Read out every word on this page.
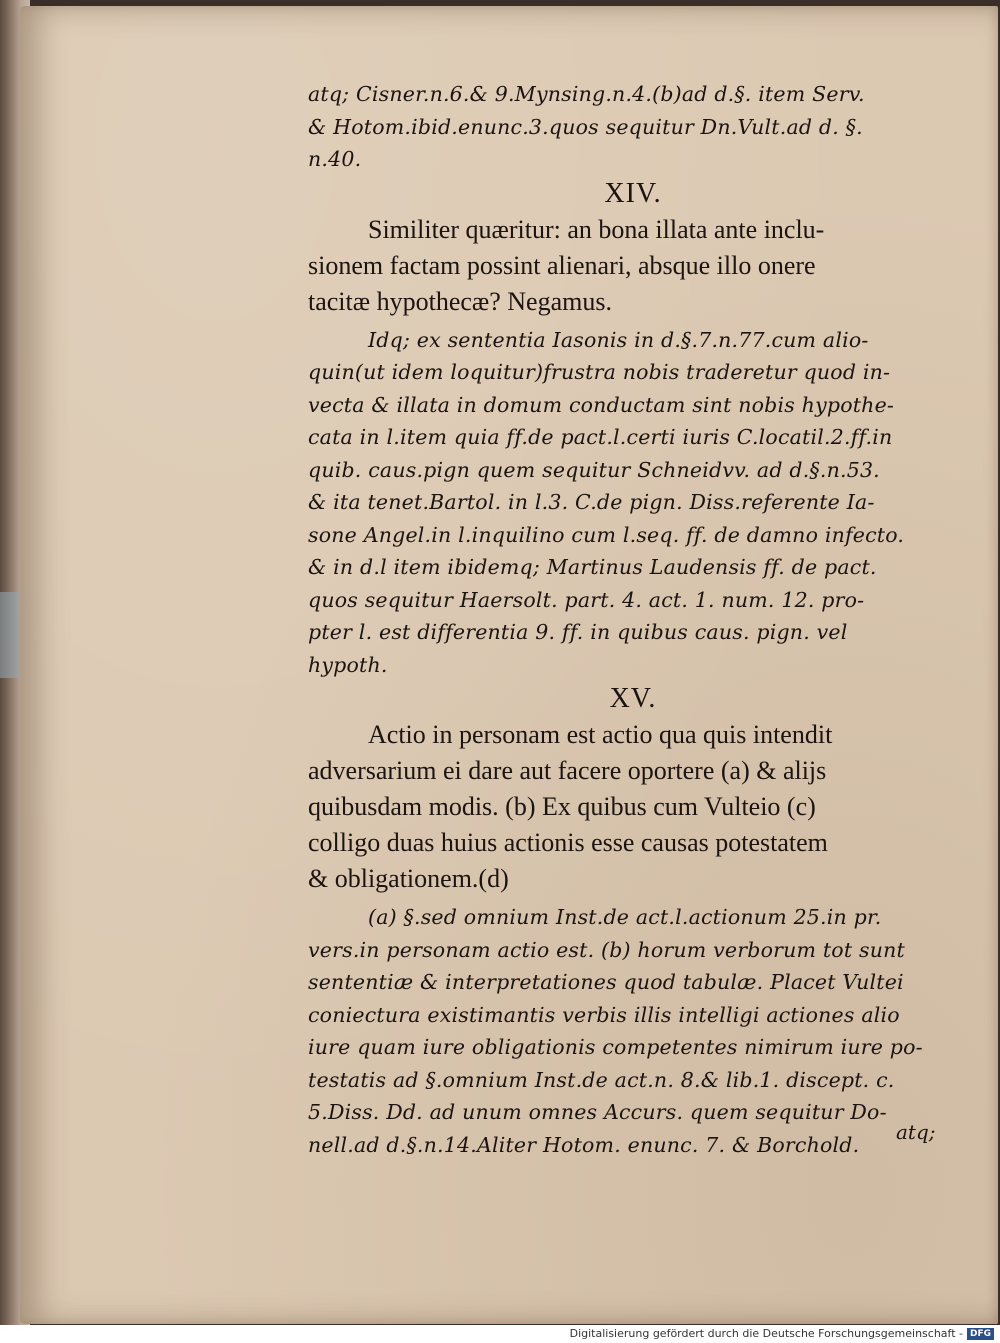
atq; Cisner.n.6.& 9.Mynsing.n.4.(b)ad d.§. item Serv.
& Hotom.ibid.enunc.3.quos sequitur Dn.Vult.ad d. §.
n.40.
XIV.
Similiter quæritur: an bona illata ante inclu-
sionem factam possint alienari, absque illo onere
tacitæ hypothecæ? Negamus.
Idq; ex sententia Iasonis in d.§.7.n.77.cum alio-
quin(ut idem loquitur)frustra nobis traderetur quod in-
vecta & illata in domum conductam sint nobis hypothe-
cata in l.item quia ff.de pact.l.certi iuris C.locatil.2.ff.in
quib. caus.pign quem sequitur Schneidvv. ad d.§.n.53.
& ita tenet.Bartol. in l.3. C.de pign. Diss.referente Ia-
sone Angel.in l.inquilino cum l.seq. ff. de damno infecto.
& in d.l item ibidemq; Martinus Laudensis ff. de pact.
quos sequitur Haersolt. part. 4. act. 1. num. 12. pro-
pter l. est differentia 9. ff. in quibus caus. pign. vel
hypoth.
XV.
Actio in personam est actio qua quis intendit
adversarium ei dare aut facere oportere (a) & alijs
quibusdam modis. (b) Ex quibus cum Vulteio (c)
colligo duas huius actionis esse causas potestatem
& obligationem.(d)
(a) §.sed omnium Inst.de act.l.actionum 25.in pr.
vers.in personam actio est. (b) horum verborum tot sunt
sententiæ & interpretationes quod tabulæ. Placet Vultei
coniectura existimantis verbis illis intelligi actiones alio
iure quam iure obligationis competentes nimirum iure po-
testatis ad §.omnium Inst.de act.n. 8.& lib.1. discept. c.
5.Diss. Dd. ad unum omnes Accurs. quem sequitur Do-
nell.ad d.§.n.14.Aliter Hotom. enunc. 7. & Borchold.
atq;
Digitalisierung gefördert durch die Deutsche Forschungsgemeinschaft - DFG
